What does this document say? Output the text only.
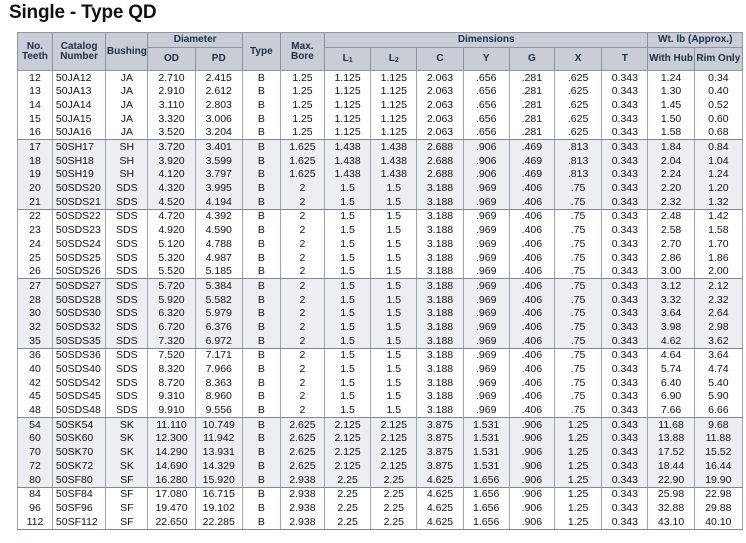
Single - Type QD
No. Teeth	Catalog Number	Bushing	Diameter		Type	Max. Bore	Dimensions							Wt. lb (Approx.)	
			OD	PD			$L_1$	$L_2$	C	Y	G	X	T	With Hub	Rim Only
12	50JA12	JA	2.710	2.415	B	1.25	1.125	1.125	2.063	.656	.281	.625	0.343	1.24	0.34
13	50JA13	JA	2.910	2.612	B	1.25	1.125	1.125	2.063	.656	.281	.625	0.343	1.30	0.40
14	50JA14	JA	3.110	2.803	B	1.25	1.125	1.125	2.063	.656	.281	.625	0.343	1.45	0.52
15	50JA15	JA	3.320	3.006	B	1.25	1.125	1.125	2.063	.656	.281	.625	0.343	1.50	0.60
16	50JA16	JA	3.520	3.204	B	1.25	1.125	1.125	2.063	.656	.281	.625	0.343	1.58	0.68
17	50SH17	SH	3.720	3.401	B	1.625	1.438	1.438	2.688	.906	.469	.813	0.343	1.84	0.84
18	50SH18	SH	3.920	3.599	B	1.625	1.438	1.438	2.688	.906	.469	.813	0.343	2.04	1.04
19	50SH19	SH	4.120	3.797	B	1.625	1.438	1.438	2.688	.906	.469	.813	0.343	2.24	1.24
20	50SDS20	SDS	4.320	3.995	B	2	1.5	1.5	3.188	.969	.406	.75	0.343	2.20	1.20
21	50SDS21	SDS	4.520	4.194	B	2	1.5	1.5	3.188	.969	.406	.75	0.343	2.32	1.32
22	50SDS22	SDS	4.720	4.392	B	2	1.5	1.5	3.188	.969	.406	.75	0.343	2.48	1.42
23	50SDS23	SDS	4.920	4.590	B	2	1.5	1.5	3.188	.969	.406	.75	0.343	2.58	1.58
24	50SDS24	SDS	5.120	4.788	B	2	1.5	1.5	3.188	.969	.406	.75	0.343	2.70	1.70
25	50SDS25	SDS	5.320	4.987	B	2	1.5	1.5	3.188	.969	.406	.75	0.343	2.86	1.86
26	50SDS26	SDS	5.520	5.185	B	2	1.5	1.5	3.188	.969	.406	.75	0.343	3.00	2.00
27	50SDS27	SDS	5.720	5.384	B	2	1.5	1.5	3.188	.969	.406	.75	0.343	3.12	2.12
28	50SDS28	SDS	5.920	5.582	B	2	1.5	1.5	3.188	.969	.406	.75	0.343	3.32	2.32
30	50SDS30	SDS	6.320	5.979	B	2	1.5	1.5	3.188	.969	.406	.75	0.343	3.64	2.64
32	50SDS32	SDS	6.720	6.376	B	2	1.5	1.5	3.188	.969	.406	.75	0.343	3.98	2.98
35	50SDS35	SDS	7.320	6.972	B	2	1.5	1.5	3.188	.969	.406	.75	0.343	4.62	3.62
36	50SDS36	SDS	7.520	7.171	B	2	1.5	1.5	3.188	.969	.406	.75	0.343	4.64	3.64
40	50SDS40	SDS	8.320	7.966	B	2	1.5	1.5	3.188	.969	.406	.75	0.343	5.74	4.74
42	50SDS42	SDS	8.720	8.363	B	2	1.5	1.5	3.188	.969	.406	.75	0.343	6.40	5.40
45	50SDS45	SDS	9.310	8.960	B	2	1.5	1.5	3.188	.969	.406	.75	0.343	6.90	5.90
48	50SDS48	SDS	9.910	9.556	B	2	1.5	1.5	3.188	.969	.406	.75	0.343	7.66	6.66
54	50SK54	SK	11.110	10.749	B	2.625	2.125	2.125	3.875	1.531	.906	1.25	0.343	11.68	9.68
60	50SK60	SK	12.300	11.942	B	2.625	2.125	2.125	3.875	1.531	.906	1.25	0.343	13.88	11.88
70	50SK70	SK	14.290	13.931	B	2.625	2.125	2.125	3.875	1.531	.906	1.25	0.343	17.52	15.52
72	50SK72	SK	14.690	14.329	B	2.625	2.125	2.125	3.875	1.531	.906	1.25	0.343	18.44	16.44
80	50SF80	SF	16.280	15.920	B	2.938	2.25	2.25	4.625	1.656	.906	1.25	0.343	22.90	19.90
84	50SF84	SF	17.080	16.715	B	2.938	2.25	2.25	4.625	1.656	.906	1.25	0.343	25.98	22.98
96	50SF96	SF	19.470	19.102	B	2.938	2.25	2.25	4.625	1.656	.906	1.25	0.343	32.88	29.88
112	50SF112	SF	22.650	22.285	B	2.938	2.25	2.25	4.625	1.656	.906	1.25	0.343	43.10	40.10
